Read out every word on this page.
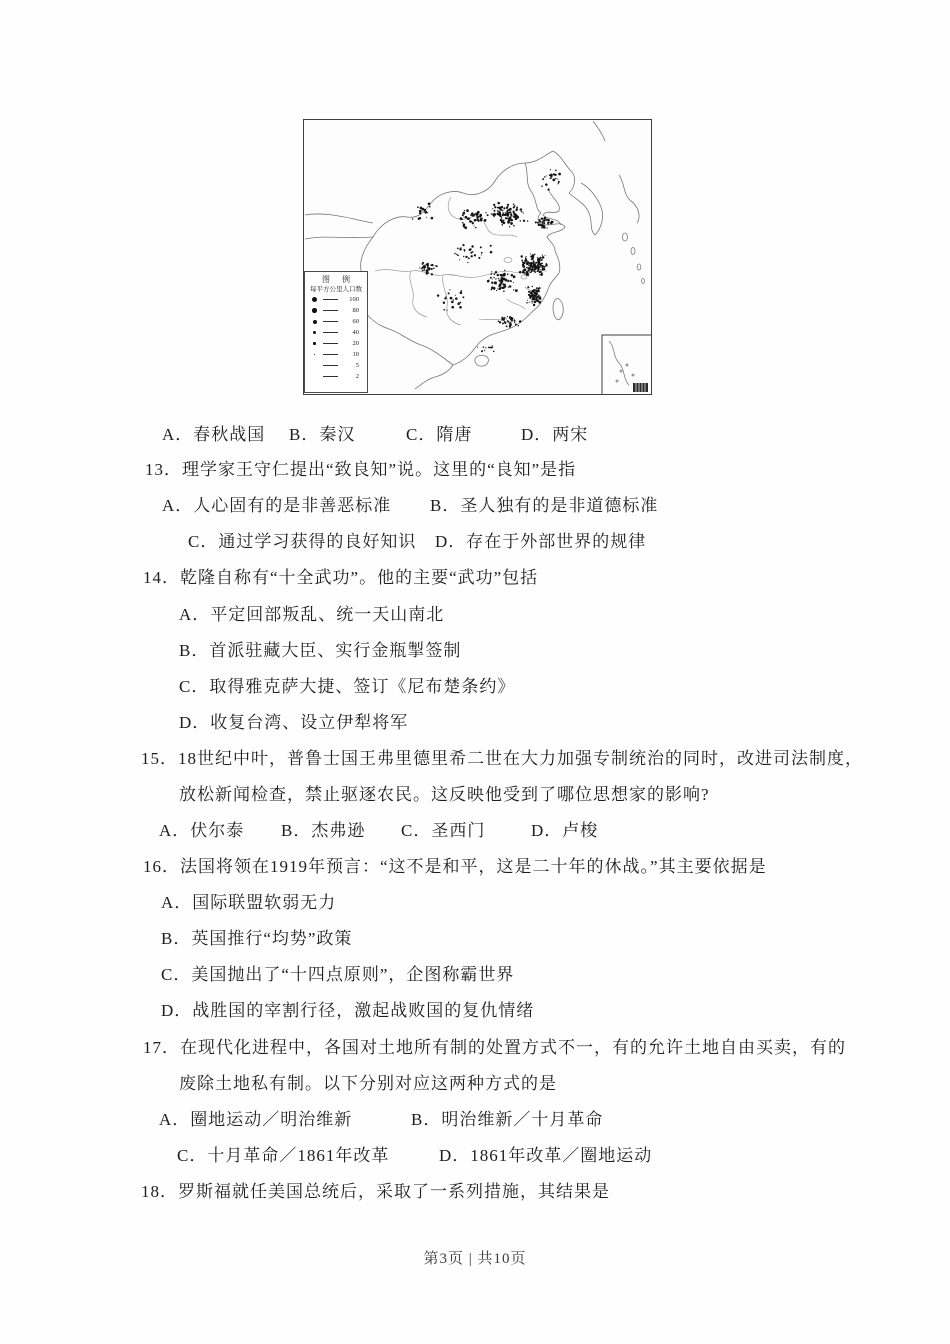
图 例
每平方公里人口数
100
80
60
40
20
10
5
2
A．春秋战国 B．秦汉	C．隋唐	D．两宋
13．理学家王守仁提出“致良知”说。这里的“良知”是指
A．人心固有的是非善恶标准 B．圣人独有的是非道德标准
C．通过学习获得的良好知识 D．存在于外部世界的规律
14．乾隆自称有“十全武功”。他的主要“武功”包括
A．平定回部叛乱、统一天山南北
B．首派驻藏大臣、实行金瓶掣签制
C．取得雅克萨大捷、签订《尼布楚条约》
D．收复台湾、设立伊犁将军
15．18世纪中叶，普鲁士国王弗里德里希二世在大力加强专制统治的同时，改进司法制度，
放松新闻检查，禁止驱逐农民。这反映他受到了哪位思想家的影响?
A．伏尔泰 B．杰弗逊 C．圣西门	D．卢梭
16．法国将领在1919年预言：“这不是和平，这是二十年的休战。”其主要依据是
A．国际联盟软弱无力
B．英国推行“均势”政策
C．美国抛出了“十四点原则”，企图称霸世界
D．战胜国的宰割行径，激起战败国的复仇情绪
17．在现代化进程中，各国对土地所有制的处置方式不一，有的允许土地自由买卖，有的
废除土地私有制。以下分别对应这两种方式的是
A．圈地运动／明治维新	B．明治维新／十月革命
C．十月革命／1861年改革	D．1861年改革／圈地运动
18．罗斯福就任美国总统后，采取了一系列措施，其结果是
第3页 | 共10页
